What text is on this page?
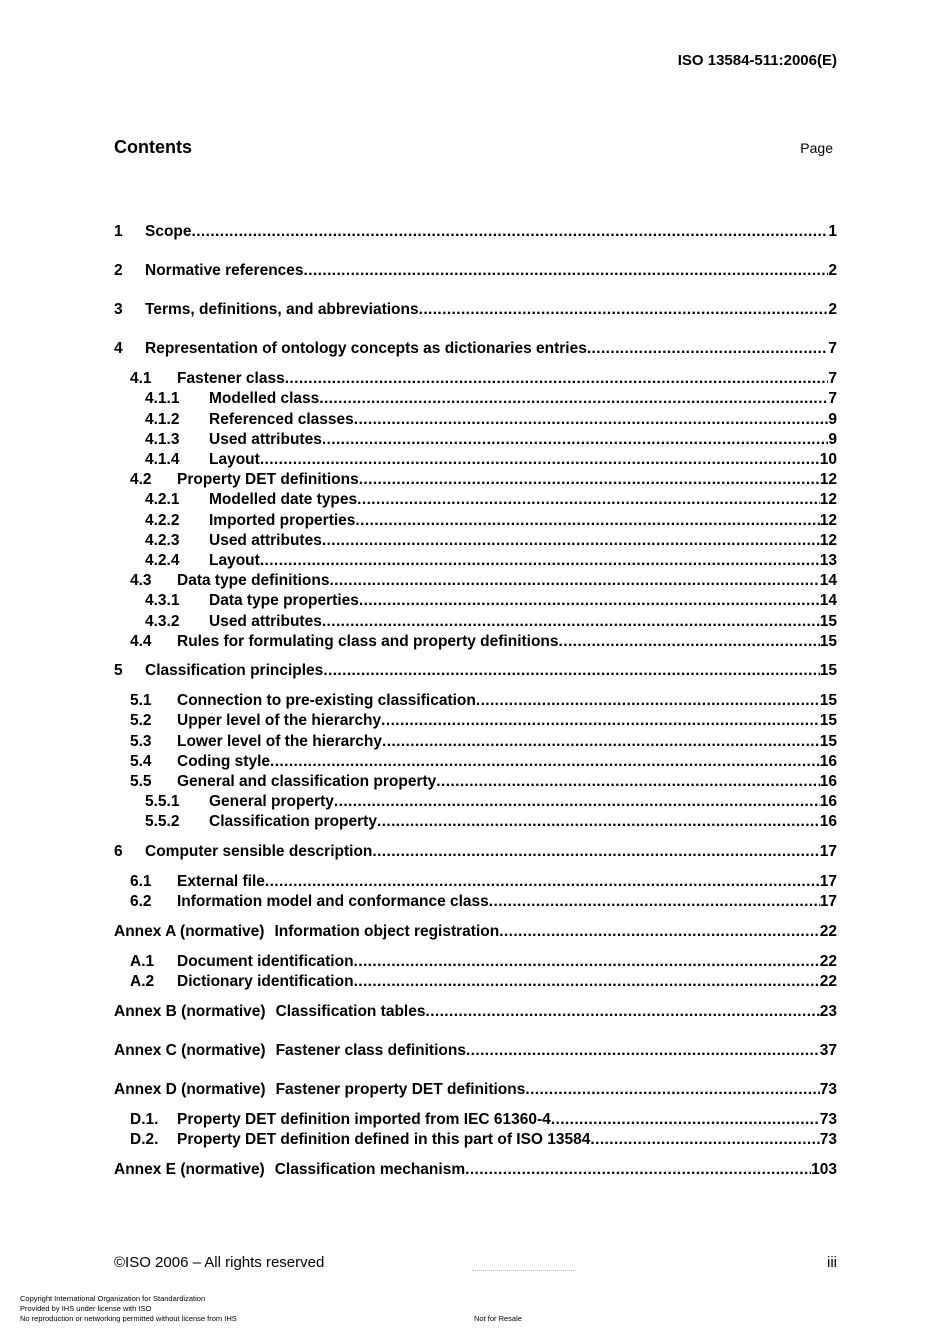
ISO 13584-511:2006(E)
Contents	Page
1	Scope .....	1
2	Normative references .....	2
3	Terms, definitions, and abbreviations .....	2
4	Representation of ontology concepts as dictionaries entries .....	7
4.1	Fastener class .....	7
4.1.1	Modelled class .....	7
4.1.2	Referenced classes .....	9
4.1.3	Used attributes .....	9
4.1.4	Layout .....	10
4.2	Property DET definitions .....	12
4.2.1	Modelled date types .....	12
4.2.2	Imported properties .....	12
4.2.3	Used attributes .....	12
4.2.4	Layout .....	13
4.3	Data type definitions .....	14
4.3.1	Data type properties .....	14
4.3.2	Used attributes .....	15
4.4	Rules for formulating class and property definitions .....	15
5	Classification principles .....	15
5.1	Connection to pre-existing classification .....	15
5.2	Upper level of the hierarchy .....	15
5.3	Lower level of the hierarchy .....	15
5.4	Coding style .....	16
5.5	General and classification property .....	16
5.5.1	General property .....	16
5.5.2	Classification property .....	16
6	Computer sensible description .....	17
6.1	External file .....	17
6.2	Information model and conformance class .....	17
Annex A (normative) Information object registration .....	22
A.1	Document identification .....	22
A.2	Dictionary identification .....	22
Annex B (normative) Classification tables .....	23
Annex C (normative) Fastener class definitions .....	37
Annex D (normative) Fastener property DET definitions .....	73
D.1.	Property DET definition imported from IEC 61360-4 .....	73
D.2.	Property DET definition defined in this part of ISO 13584 .....	73
Annex E (normative) Classification mechanism .....	103
©ISO 2006 – All rights reserved	iii
Copyright International Organization for Standardization
Provided by IHS under license with ISO
No reproduction or networking permitted without license from IHS	Not for Resale
